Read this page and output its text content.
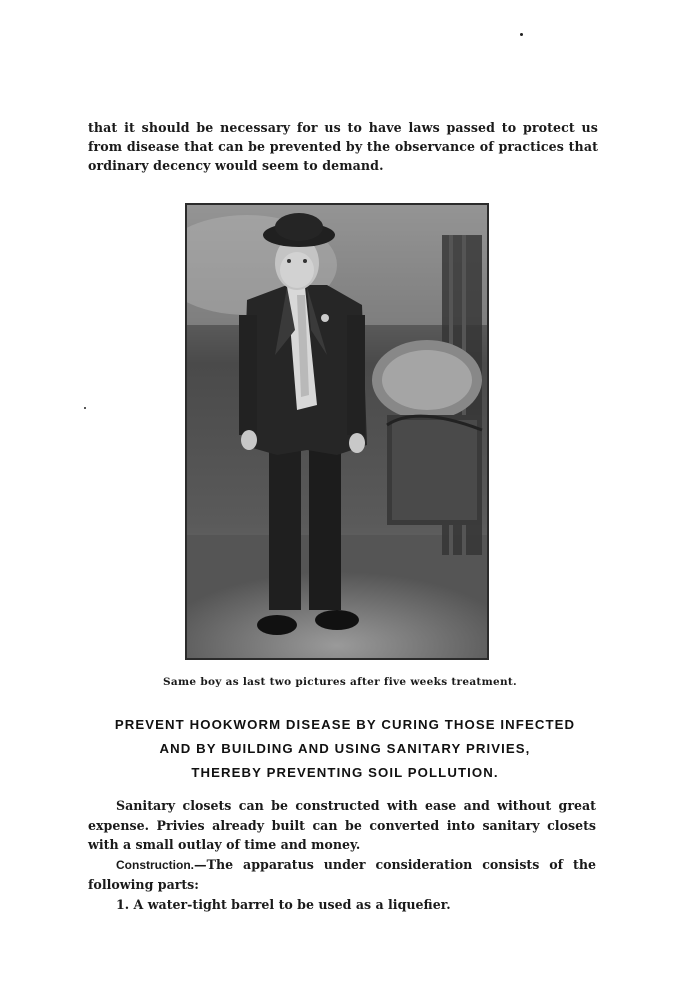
that it should be necessary for us to have laws passed to protect us from disease that can be prevented by the observance of practices that ordinary decency would seem to demand.
Same boy as last two pictures after five weeks treatment.
PREVENT HOOKWORM DISEASE BY CURING THOSE INFECTED
AND BY BUILDING AND USING SANITARY PRIVIES,
THEREBY PREVENTING SOIL POLLUTION.

Sanitary closets can be constructed with ease and without great expense. Privies already built can be converted into sanitary closets with a small outlay of time and money.

Construction.—The apparatus under consideration consists of the following parts:

1. A water-tight barrel to be used as a liquefier.
